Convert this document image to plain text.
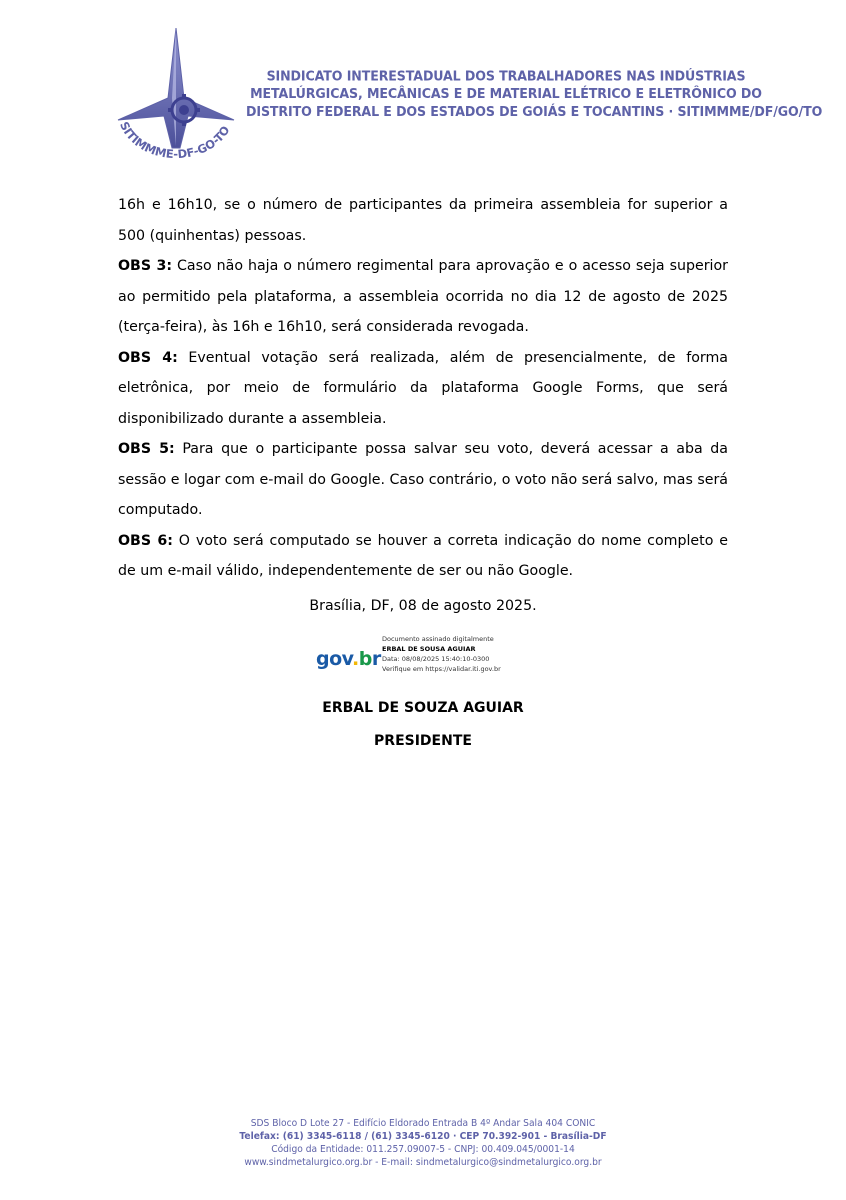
SITIMMME-DF-GO-TO
SINDICATO INTERESTADUAL DOS TRABALHADORES NAS INDÚSTRIAS
METALÚRGICAS, MECÂNICAS E DE MATERIAL ELÉTRICO E ELETRÔNICO DO
DISTRITO FEDERAL E DOS ESTADOS DE GOIÁS E TOCANTINS · SITIMMME/DF/GO/TO

16h e 16h10, se o número de participantes da primeira assembleia for superior a 500 (quinhentas) pessoas.

OBS 3: Caso não haja o número regimental para aprovação e o acesso seja superior ao permitido pela plataforma, a assembleia ocorrida no dia 12 de agosto de 2025 (terça-feira), às 16h e 16h10, será considerada revogada.

OBS 4: Eventual votação será realizada, além de presencialmente, de forma eletrônica, por meio de formulário da plataforma Google Forms, que será disponibilizado durante a assembleia.

OBS 5: Para que o participante possa salvar seu voto, deverá acessar a aba da sessão e logar com e-mail do Google. Caso contrário, o voto não será salvo, mas será computado.

OBS 6: O voto será computado se houver a correta indicação do nome completo e de um e-mail válido, independentemente de ser ou não Google.

Brasília, DF, 08 de agosto 2025.
gov.br
Documento assinado digitalmente
ERBAL DE SOUSA AGUIAR
Data: 08/08/2025 15:40:10-0300
Verifique em https://validar.iti.gov.br
ERBAL DE SOUZA AGUIAR
PRESIDENTE
SDS Bloco D Lote 27 - Edifício Eldorado Entrada B 4º Andar Sala 404 CONIC
Telefax: (61) 3345-6118 / (61) 3345-6120 · CEP 70.392-901 - Brasília-DF
Código da Entidade: 011.257.09007-5 - CNPJ: 00.409.045/0001-14
www.sindmetalurgico.org.br - E-mail: sindmetalurgico@sindmetalurgico.org.br
